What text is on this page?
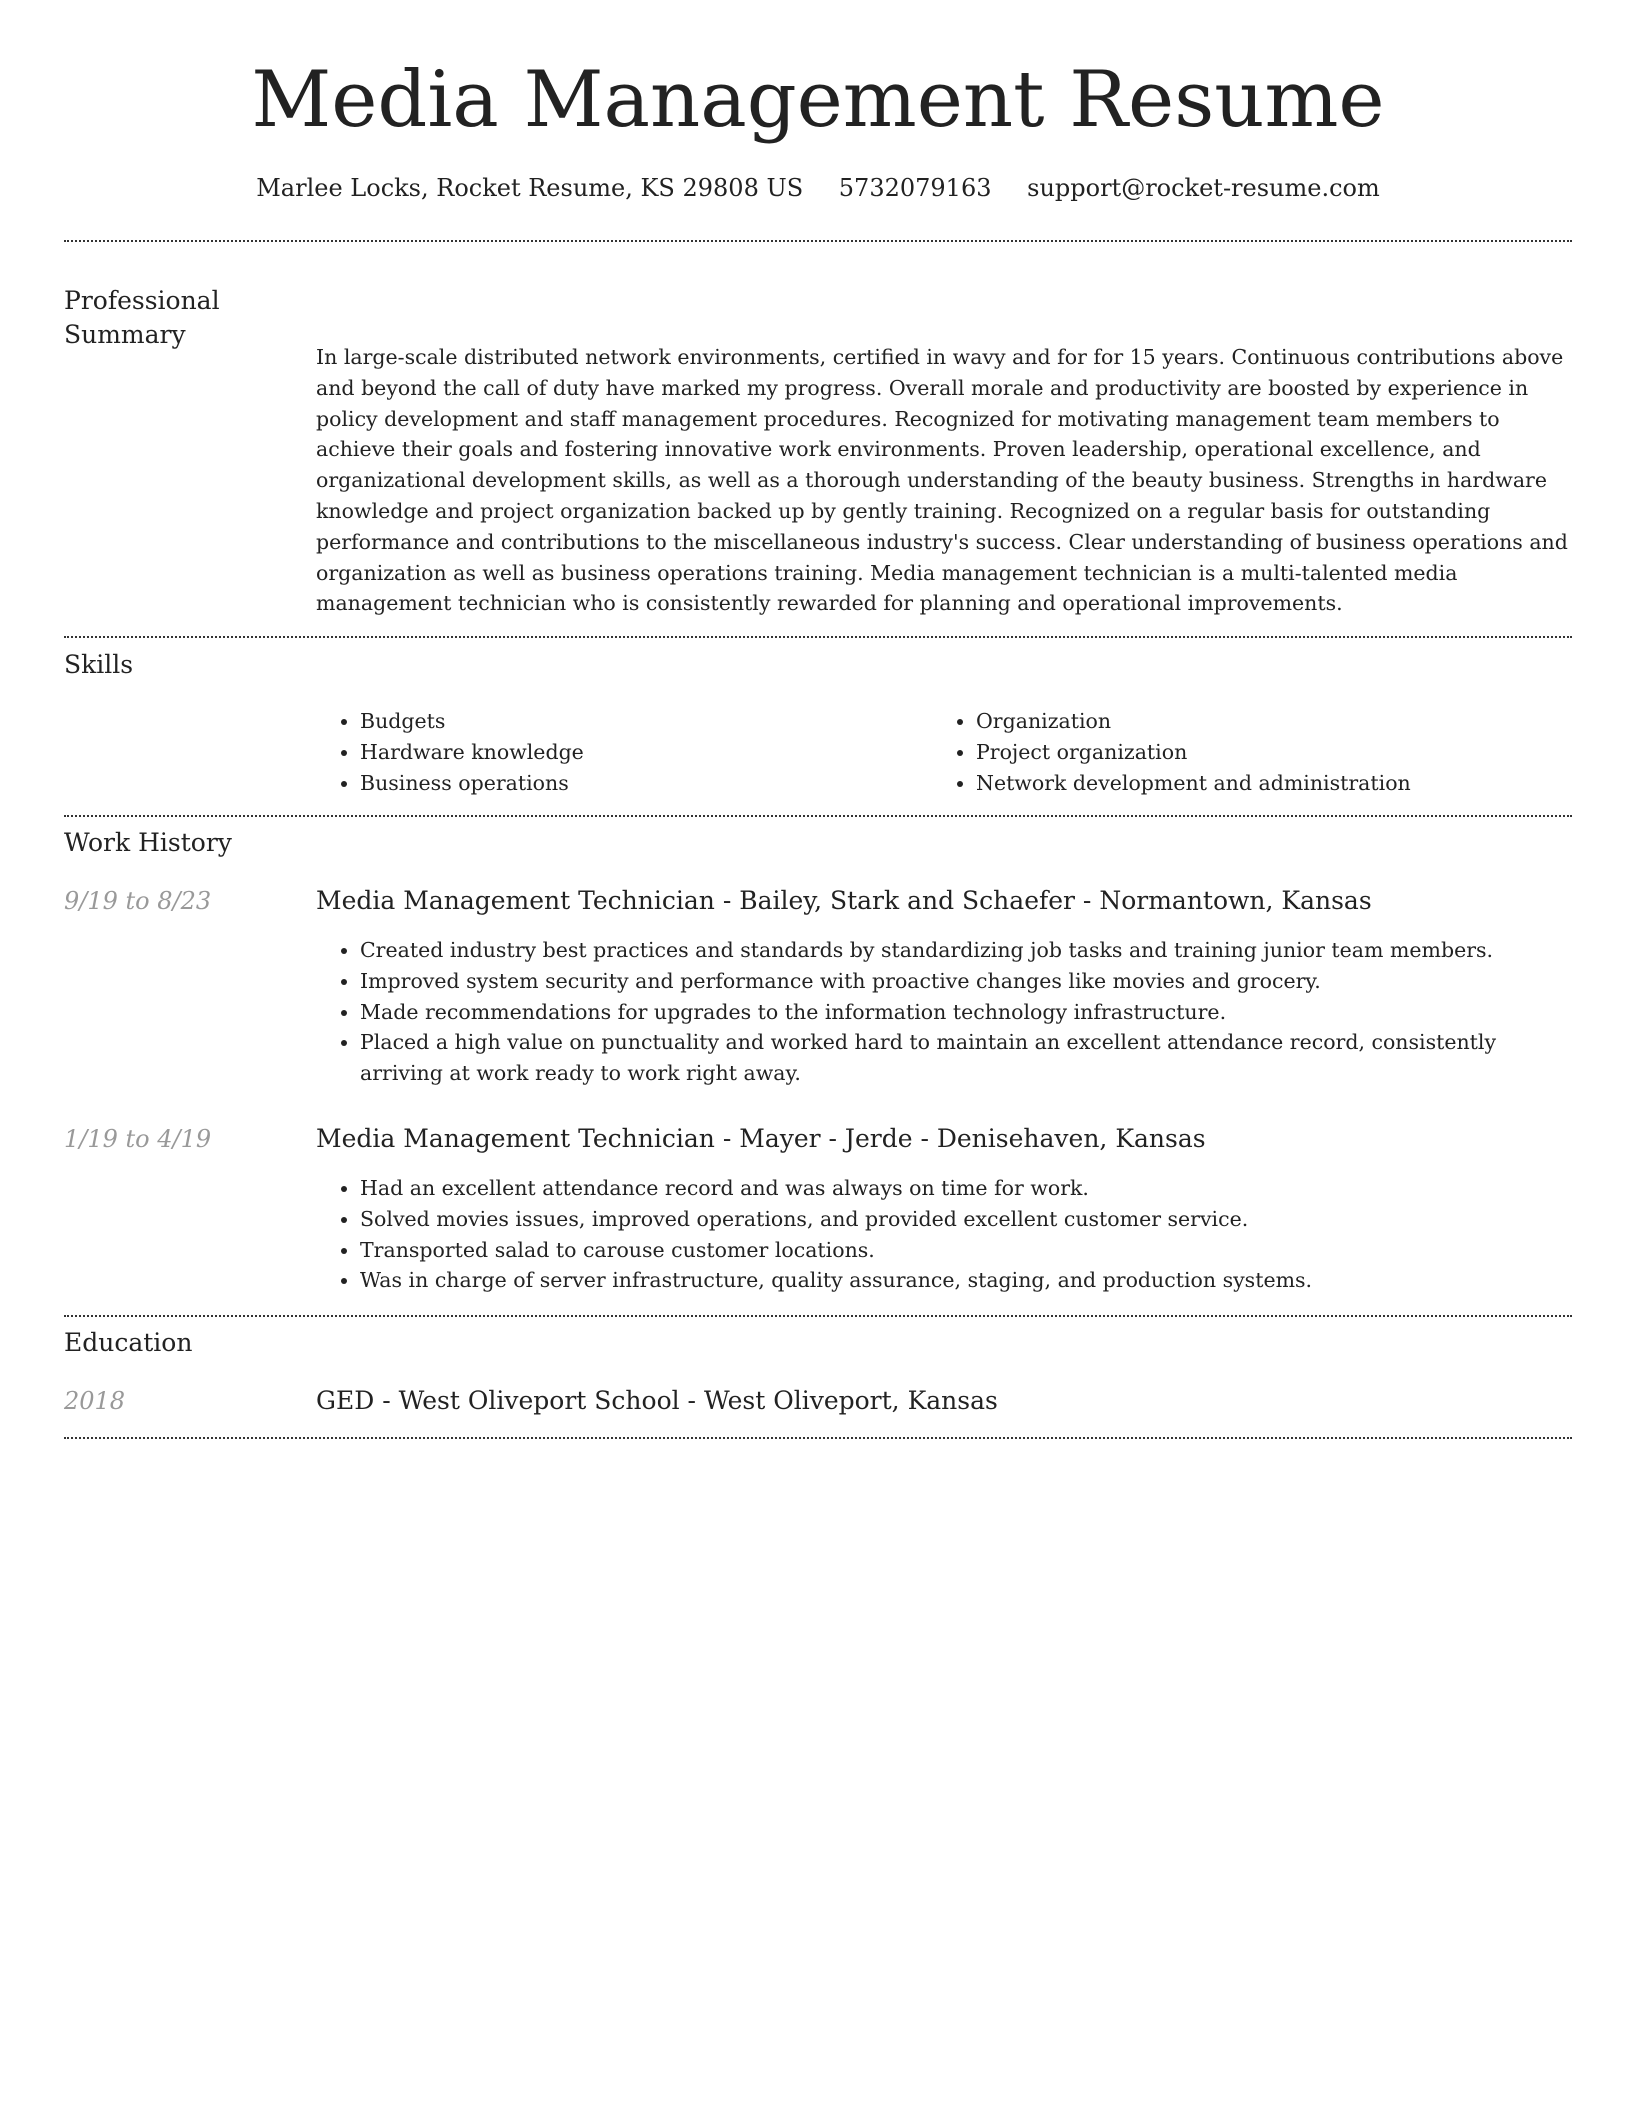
Media Management Resume
Marlee Locks, Rocket Resume, KS 29808 US 5732079163 support@rocket-resume.com
Professional Summary

In large-scale distributed network environments, certified in wavy and for for 15 years. Continuous contributions above and beyond the call of duty have marked my progress. Overall morale and productivity are boosted by experience in policy development and staff management procedures. Recognized for motivating management team members to achieve their goals and fostering innovative work environments. Proven leadership, operational excellence, and organizational development skills, as well as a thorough understanding of the beauty business. Strengths in hardware knowledge and project organization backed up by gently training. Recognized on a regular basis for outstanding performance and contributions to the miscellaneous industry's success. Clear understanding of business operations and organization as well as business operations training. Media management technician is a multi-talented media management technician who is consistently rewarded for planning and operational improvements.

Skills
• Budgets
• Hardware knowledge
• Business operations
• Organization
• Project organization
• Network development and administration
Work History
9/19 to 8/23	Media Management Technician - Bailey, Stark and Schaefer - Normantown, Kansas
• Created industry best practices and standards by standardizing job tasks and training junior team members.
• Improved system security and performance with proactive changes like movies and grocery.
• Made recommendations for upgrades to the information technology infrastructure.
• Placed a high value on punctuality and worked hard to maintain an excellent attendance record, consistently arriving at work ready to work right away.
1/19 to 4/19	Media Management Technician - Mayer - Jerde - Denisehaven, Kansas
• Had an excellent attendance record and was always on time for work.
• Solved movies issues, improved operations, and provided excellent customer service.
• Transported salad to carouse customer locations.
• Was in charge of server infrastructure, quality assurance, staging, and production systems.
Education
2018	GED - West Oliveport School - West Oliveport, Kansas
